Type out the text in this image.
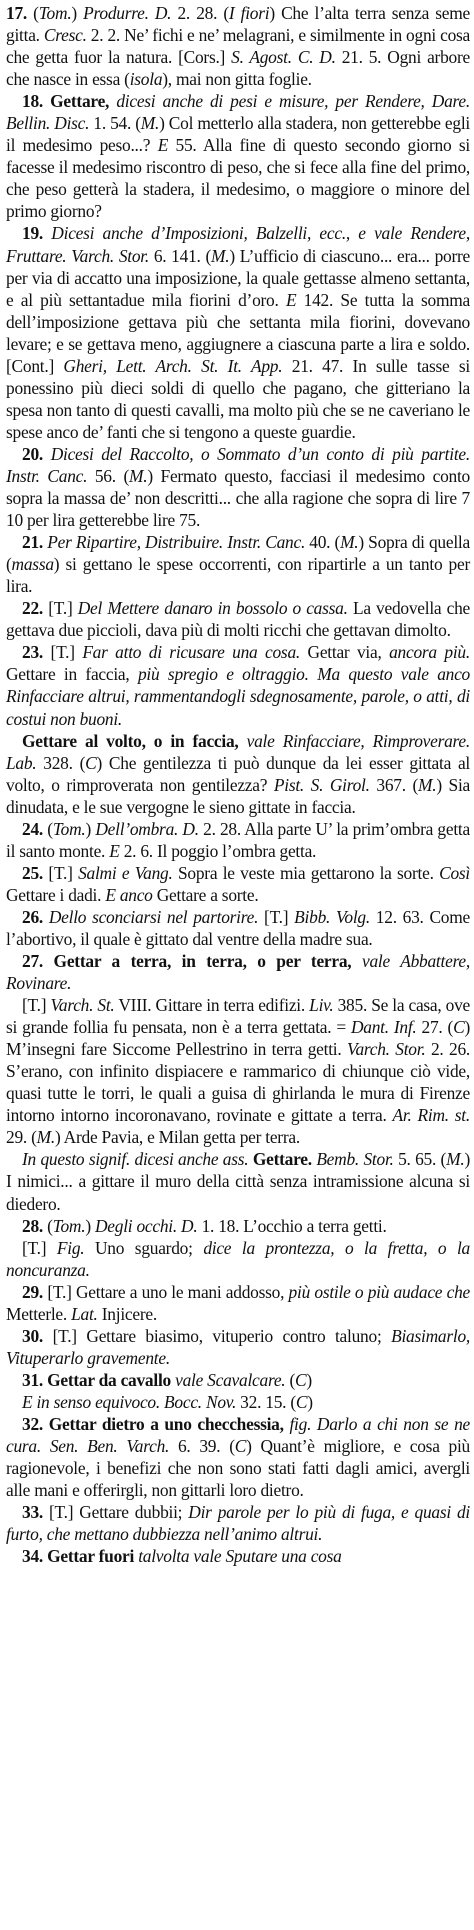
17. (Tom.) Produrre. D. 2. 28. (I fiori) Che l’alta terra senza seme gitta. Cresc. 2. 2. Ne’ fichi e ne’ melagrani, e similmente in ogni cosa che getta fuor la natura. [Cors.] S. Agost. C. D. 21. 5. Ogni arbore che nasce in essa (isola), mai non gitta foglie.

18. Gettare, dicesi anche di pesi e misure, per Rendere, Dare. Bellin. Disc. 1. 54. (M.) Col metterlo alla stadera, non getterebbe egli il medesimo peso...? E 55. Alla fine di questo secondo giorno si facesse il medesimo riscontro di peso, che si fece alla fine del primo, che peso getterà la stadera, il medesimo, o maggiore o minore del primo giorno?

19. Dicesi anche d’Imposizioni, Balzelli, ecc., e vale Rendere, Fruttare. Varch. Stor. 6. 141. (M.) L’ufficio di ciascuno... era... porre per via di accatto una imposizione, la quale gettasse almeno settanta, e al più settantadue mila fiorini d’oro. E 142. Se tutta la somma dell’imposizione gettava più che settanta mila fiorini, dovevano levare; e se gettava meno, aggiugnere a ciascuna parte a lira e soldo. [Cont.] Gheri, Lett. Arch. St. It. App. 21. 47. In sulle tasse si ponessino più dieci soldi di quello che pagano, che gitteriano la spesa non tanto di questi cavalli, ma molto più che se ne caveriano le spese anco de’ fanti che si tengono a queste guardie.

20. Dicesi del Raccolto, o Sommato d’un conto di più partite. Instr. Canc. 56. (M.) Fermato questo, facciasi il medesimo conto sopra la massa de’ non descritti... che alla ragione che sopra di lire 7 10 per lira getterebbe lire 75.

21. Per Ripartire, Distribuire. Instr. Canc. 40. (M.) Sopra di quella (massa) si gettano le spese occorrenti, con ripartirle a un tanto per lira.

22. [T.] Del Mettere danaro in bossolo o cassa. La vedovella che gettava due piccioli, dava più di molti ricchi che gettavan dimolto.

23. [T.] Far atto di ricusare una cosa. Gettar via, ancora più. Gettare in faccia, più spregio e oltraggio. Ma questo vale anco Rinfacciare altrui, rammentandogli sdegnosamente, parole, o atti, di costui non buoni.

Gettare al volto, o in faccia, vale Rinfacciare, Rimproverare. Lab. 328. (C) Che gentilezza ti può dunque da lei esser gittata al volto, o rimproverata non gentilezza? Pist. S. Girol. 367. (M.) Sia dinudata, e le sue vergogne le sieno gittate in faccia.

24. (Tom.) Dell’ombra. D. 2. 28. Alla parte U’ la prim’ombra getta il santo monte. E 2. 6. Il poggio l’ombra getta.

25. [T.] Salmi e Vang. Sopra le veste mia gettarono la sorte. Così Gettare i dadi. E anco Gettare a sorte.

26. Dello sconciarsi nel partorire. [T.] Bibb. Volg. 12. 63. Come l’abortivo, il quale è gittato dal ventre della madre sua.

27. Gettar a terra, in terra, o per terra, vale Abbattere, Rovinare.

[T.] Varch. St. VIII. Gittare in terra edifizi. Liv. 385. Se la casa, ove si grande follia fu pensata, non è a terra gettata. = Dant. Inf. 27. (C) M’insegni fare Siccome Pellestrino in terra getti. Varch. Stor. 2. 26. S’erano, con infinito dispiacere e rammarico di chiunque ciò vide, quasi tutte le torri, le quali a guisa di ghirlanda le mura di Firenze intorno intorno incoronavano, rovinate e gittate a terra. Ar. Rim. st. 29. (M.) Arde Pavia, e Milan getta per terra.

In questo signif. dicesi anche ass. Gettare. Bemb. Stor. 5. 65. (M.) I nimici... a gittare il muro della città senza intramissione alcuna si diedero.

28. (Tom.) Degli occhi. D. 1. 18. L’occhio a terra getti.

[T.] Fig. Uno sguardo; dice la prontezza, o la fretta, o la noncuranza.

29. [T.] Gettare a uno le mani addosso, più ostile o più audace che Metterle. Lat. Injicere.

30. [T.] Gettare biasimo, vituperio contro taluno; Biasimarlo, Vituperarlo gravemente.

31. Gettar da cavallo vale Scavalcare. (C)

E in senso equivoco. Bocc. Nov. 32. 15. (C)

32. Gettar dietro a uno checchessia, fig. Darlo a chi non se ne cura. Sen. Ben. Varch. 6. 39. (C) Quant’è migliore, e cosa più ragionevole, i benefizi che non sono stati fatti dagli amici, avergli alle mani e offerirgli, non gittarli loro dietro.

33. [T.] Gettare dubbii; Dir parole per lo più di fuga, e quasi di furto, che mettano dubbiezza nell’animo altrui.

34. Gettar fuori talvolta vale Sputare una cosa
